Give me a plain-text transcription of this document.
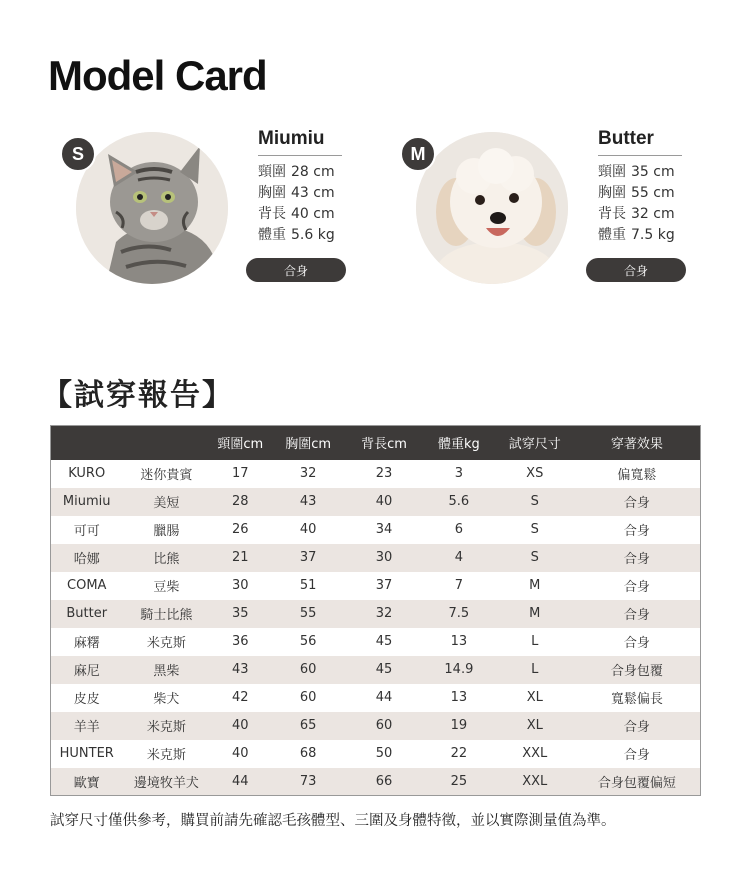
Model Card
S
Miumiu
頸圍 28 cm
胸圍 43 cm
背長 40 cm
體重 5.6 kg
合身
M
Butter
頸圍 35 cm
胸圍 55 cm
背長 32 cm
體重 7.5 kg
合身
【試穿報告】
		頸圍cm	胸圍cm	背長cm	體重kg	試穿尺寸	穿著效果
KURO	迷你貴賓	17	32	23	3	XS	偏寬鬆
Miumiu	美短	28	43	40	5.6	S	合身
可可	臘腸	26	40	34	6	S	合身
哈娜	比熊	21	37	30	4	S	合身
COMA	豆柴	30	51	37	7	M	合身
Butter	騎士比熊	35	55	32	7.5	M	合身
麻糬	米克斯	36	56	45	13	L	合身
麻尼	黑柴	43	60	45	14.9	L	合身包覆
皮皮	柴犬	42	60	44	13	XL	寬鬆偏長
羊羊	米克斯	40	65	60	19	XL	合身
HUNTER	米克斯	40	68	50	22	XXL	合身
歐寶	邊境牧羊犬	44	73	66	25	XXL	合身包覆偏短
試穿尺寸僅供參考，購買前請先確認毛孩體型、三圍及身體特徵，並以實際測量值為準。
